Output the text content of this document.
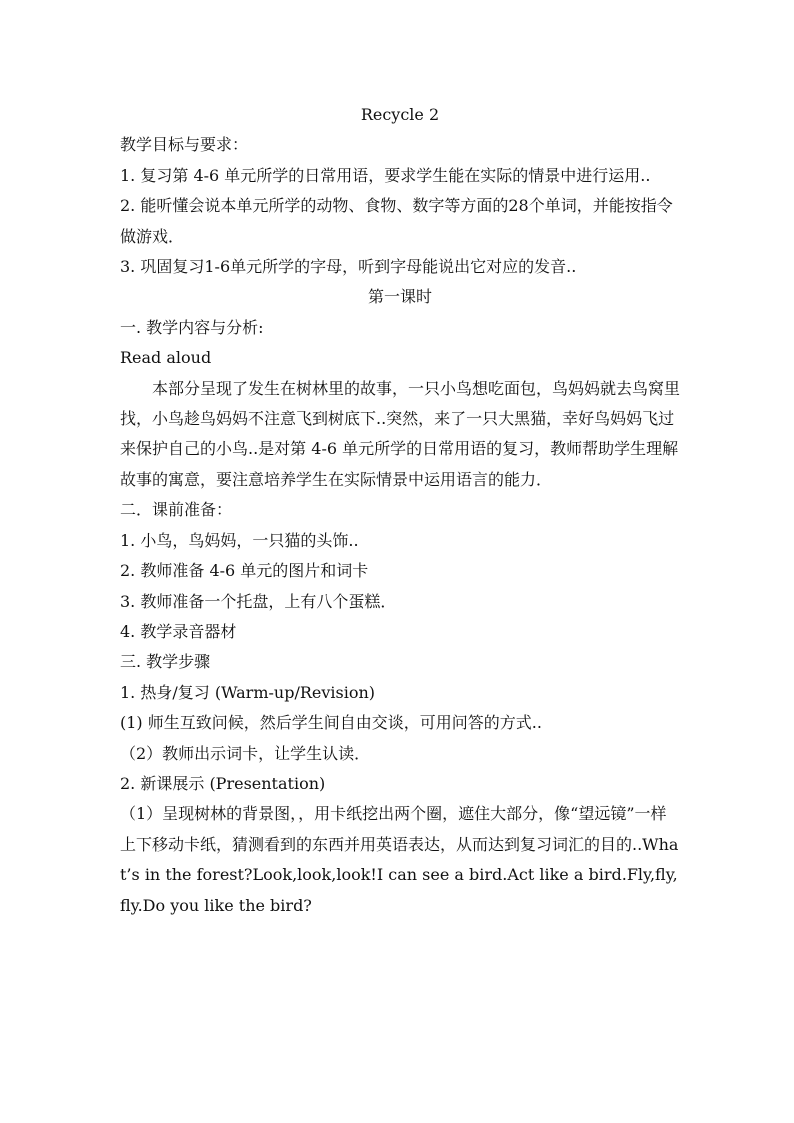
Recycle 2

教学目标与要求：

1. 复习第 4-6 单元所学的日常用语，要求学生能在实际的情景中进行运用..

2. 能听懂会说本单元所学的动物、食物、数字等方面的28个单词，并能按指令做游戏．

3. 巩固复习1-6单元所学的字母，听到字母能说出它对应的发音..

第一课时

一. 教学内容与分析:

Read aloud

本部分呈现了发生在树林里的故事，一只小鸟想吃面包，鸟妈妈就去鸟窝里找，小鸟趁鸟妈妈不注意飞到树底下..突然，来了一只大黑猫，幸好鸟妈妈飞过来保护自己的小鸟..是对第 4-6 单元所学的日常用语的复习，教师帮助学生理解故事的寓意，要注意培养学生在实际情景中运用语言的能力．

二．课前准备：

1. 小鸟，鸟妈妈，一只猫的头饰..

2. 教师准备 4-6 单元的图片和词卡

3. 教师准备一个托盘，上有八个蛋糕．

4. 教学录音器材

三. 教学步骤

1. 热身/复习 (Warm-up/Revision)

(1) 师生互致问候，然后学生间自由交谈，可用问答的方式..

（2）教师出示词卡，让学生认读．

2. 新课展示 (Presentation)

（1）呈现树林的背景图，，用卡纸挖出两个圈，遮住大部分，像“望远镜”一样上下移动卡纸，猜测看到的东西并用英语表达，从而达到复习词汇的目的..What’s in the forest?Look,look,look!I can see a bird.Act like a bird.Fly,fly,fly.Do you like the bird?
